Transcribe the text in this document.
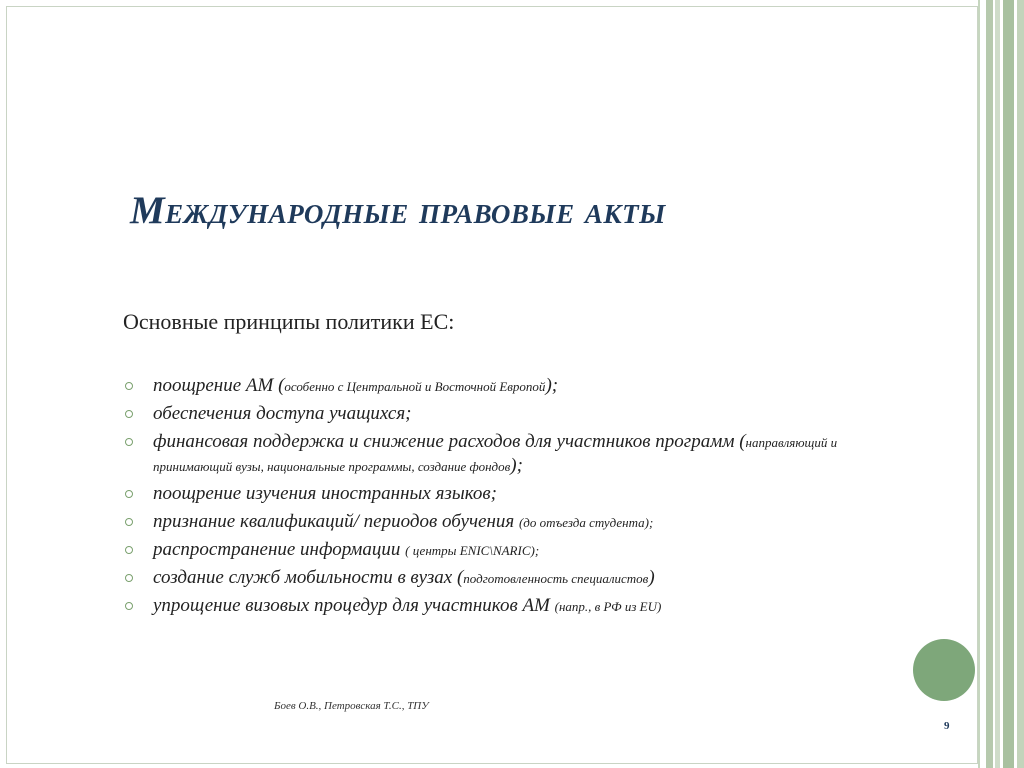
Международные правовые акты

Основные принципы политики ЕС:

поощрение АМ (особенно с Центральной и Восточной Европой);
обеспечения доступа учащихся;
финансовая поддержка и снижение расходов для участников программ (направляющий и принимающий вузы, национальные программы, создание фондов);
поощрение изучения иностранных языков;
признание квалификаций/ периодов обучения (до отъезда студента);
распространение информации ( центры ENIC\NARIC);
создание служб мобильности в вузах (подготовленность специалистов)
упрощение визовых процедур для участников АМ (напр., в РФ из EU)
Боев О.В., Петровская Т.С., ТПУ
9
